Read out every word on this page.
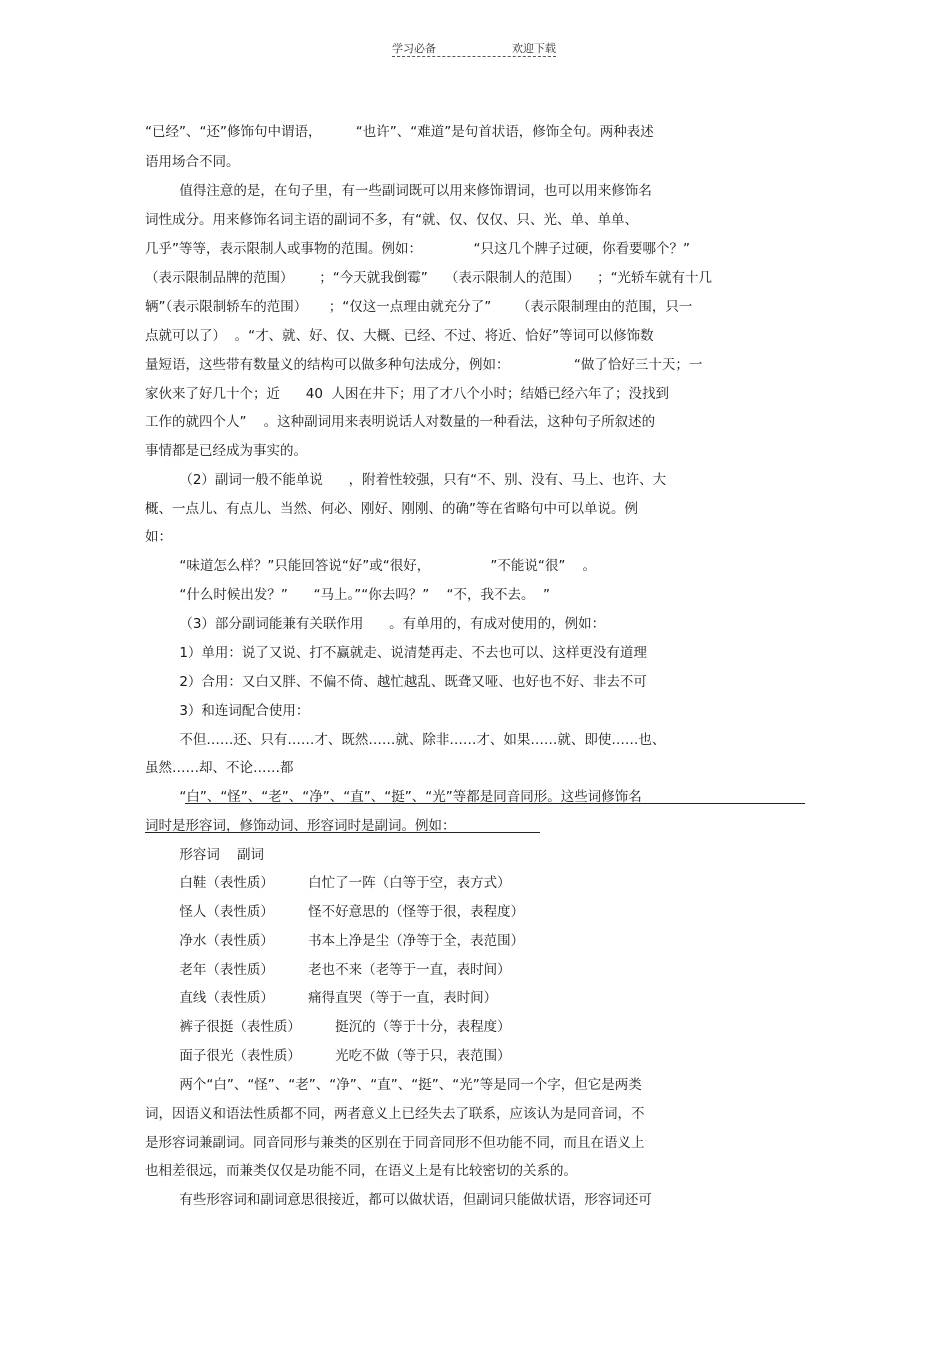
学习必备	欢迎下载
“已经”、“还”修饰句中谓语，        “也许”、“难道”是句首状语，修饰全句。两种表述
语用场合不同。
值得注意的是，在句子里，有一些副词既可以用来修饰谓词，也可以用来修饰名
词性成分。用来修饰名词主语的副词不多，有“就、仅、仅仅、只、光、单、单单、
几乎”等等，表示限制人或事物的范围。例如：            “只这几个牌子过硬，你看要哪个？”
（表示限制品牌的范围）      ；“今天就我倒霉”    （表示限制人的范围）    ；“光轿车就有十几
辆”（表示限制轿车的范围）     ；“仅这一点理由就充分了”      （表示限制理由的范围，只一
点就可以了）  。“才、就、好、仅、大概、已经、不过、将近、恰好”等词可以修饰数
量短语，这些带有数量义的结构可以做多种句法成分，例如：               “做了恰好三十天；一
家伙来了好几十个；近      40  人困在井下；用了才八个小时；结婚已经六年了；没找到
工作的就四个人”    。这种副词用来表明说话人对数量的一种看法，这种句子所叙述的
事情都是已经成为事实的。
（2）副词一般不能单说      ，附着性较强，只有“不、别、没有、马上、也许、大
概、一点儿、有点儿、当然、何必、刚好、刚刚、的确”等在省略句中可以单说。例
如：
“味道怎么样？”只能回答说“好”或“很好，              ”不能说“很”    。
“什么时候出发？”      “马上。”“你去吗？”    “不，我不去。  ”
（3）部分副词能兼有关联作用      。有单用的，有成对使用的，例如：
1）单用：说了又说、打不赢就走、说清楚再走、不去也可以、这样更没有道理
2）合用：又白又胖、不偏不倚、越忙越乱、既聋又哑、也好也不好、非去不可
3）和连词配合使用：
不但……还、只有……才、既然……就、除非……才、如果……就、即使……也、
虽然……却、不论……都
“白”、“怪”、“老”、“净”、“直”、“挺”、“光”等都是同音同形。这些词修饰名
词时是形容词，修饰动词、形容词时是副词。例如：
形容词    副词
白鞋（表性质）        白忙了一阵（白等于空，表方式）
怪人（表性质）        怪不好意思的（怪等于很，表程度）
净水（表性质）        书本上净是尘（净等于全，表范围）
老年（表性质）        老也不来（老等于一直，表时间）
直线（表性质）        痛得直哭（等于一直，表时间）
裤子很挺（表性质）        挺沉的（等于十分，表程度）
面子很光（表性质）        光吃不做（等于只，表范围）
两个“白”、“怪”、“老”、“净”、“直”、“挺”、“光”等是同一个字，但它是两类
词，因语义和语法性质都不同，两者意义上已经失去了联系，应该认为是同音词，不
是形容词兼副词。同音同形与兼类的区别在于同音同形不但功能不同，而且在语义上
也相差很远，而兼类仅仅是功能不同，在语义上是有比较密切的关系的。
有些形容词和副词意思很接近，都可以做状语，但副词只能做状语，形容词还可
